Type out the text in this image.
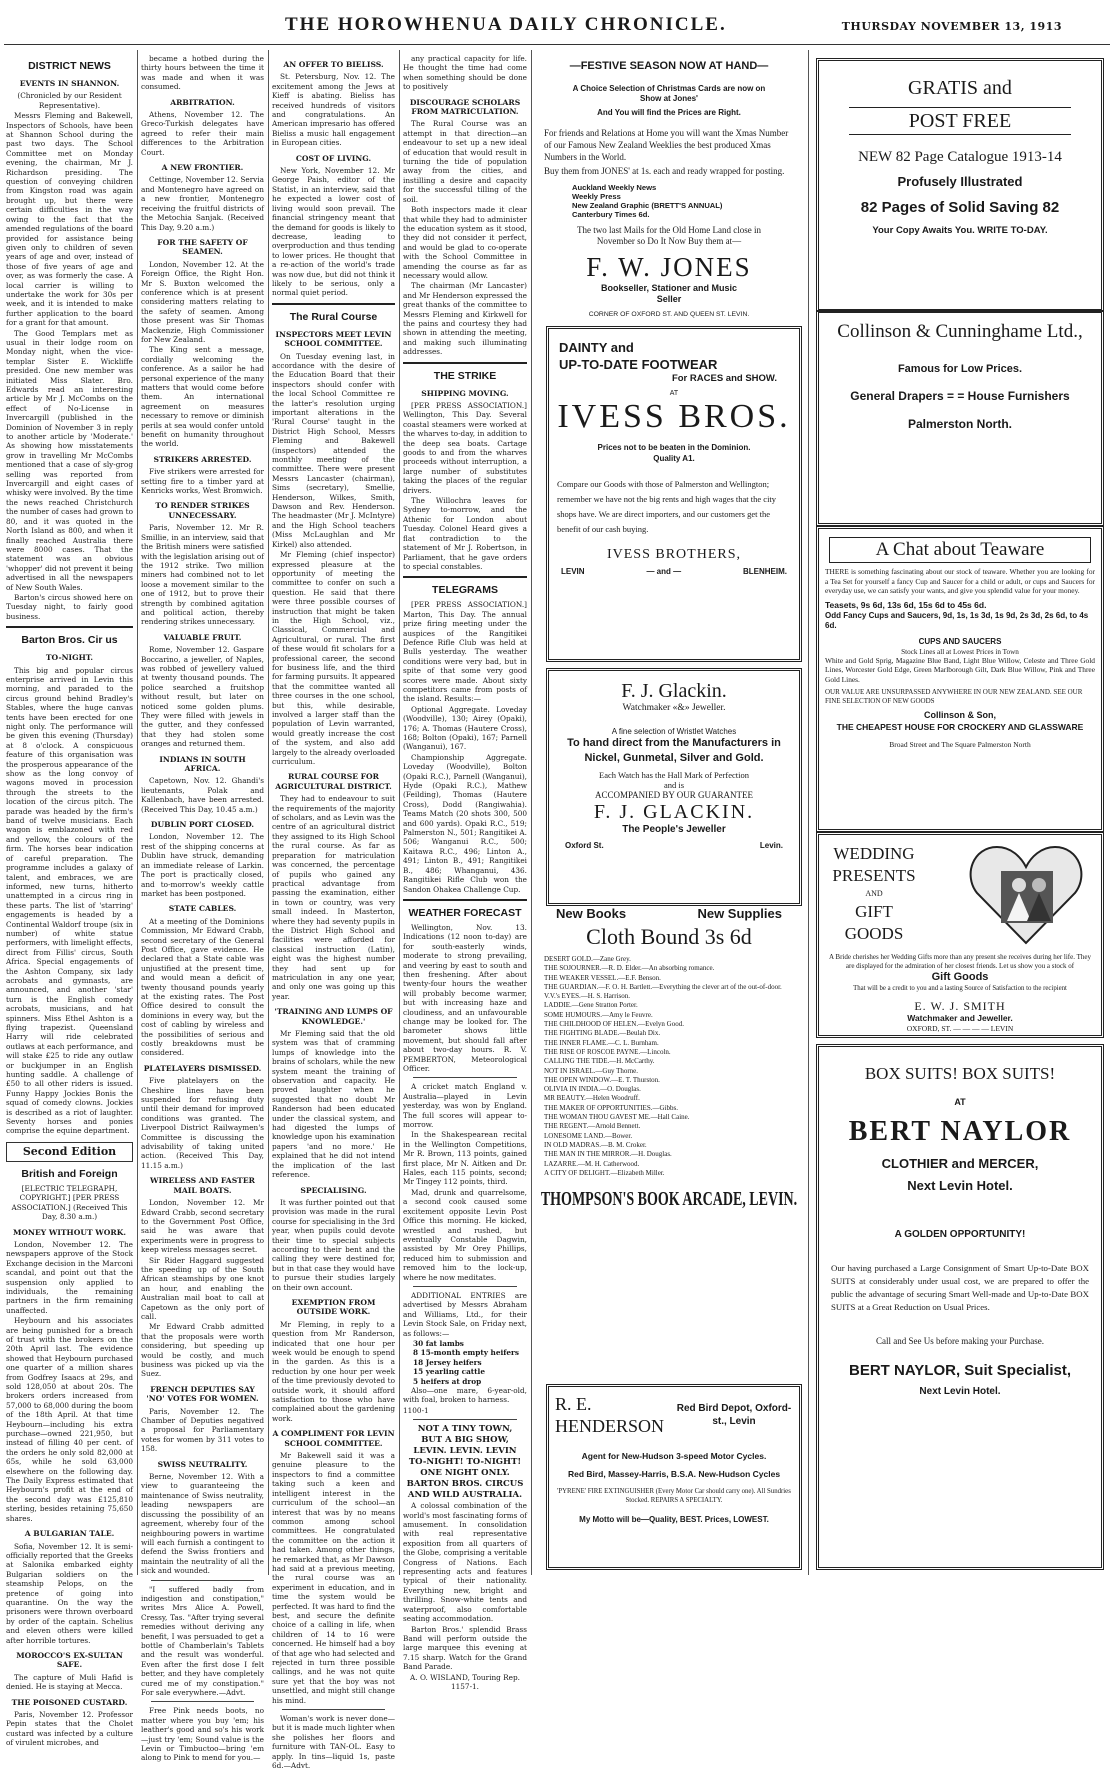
THE HOROWHENUA DAILY CHRONICLE.	THURSDAY NOVEMBER 13, 1913
DISTRICT NEWS
EVENTS IN SHANNON.

(Chronicled by our Resident Representative).

Messrs Fleming and Bakewell, Inspectors of Schools, have been at Shannon School during the past two days. The School Committee met on Monday evening, the chairman, Mr J. Richardson presiding. The question of conveying children from Kingston road was again brought up, but there were certain difficulties in the way owing to the fact that the amended regulations of the board provided for assistance being given only to children of seven years of age and over, instead of those of five years of age and over, as was formerly the case. A local carrier is willing to undertake the work for 30s per week, and it is intended to make further application to the board for a grant for that amount.

The Good Templars met as usual in their lodge room on Monday night, when the vice-templar Sister E. Wickliffe presided. One new member was initiated Miss Slater. Bro. Edwards read an interesting article by Mr J. McCombs on the effect of No-License in Invercargill (published in the Dominion of November 3 in reply to another article by 'Moderate.' As showing how misstatements grow in travelling Mr McCombs mentioned that a case of sly-grog selling was reported from Invercargill and eight cases of whisky were involved. By the time the news reached Christchurch the number of cases had grown to 80, and it was quoted in the North Island as 800, and when it finally reached Australia there were 8000 cases. That the statement was an obvious 'whopper' did not prevent it being advertised in all the newspapers of New South Wales.

Barton's circus showed here on Tuesday night, to fairly good business.

Barton Bros. Cir us
TO-NIGHT.

This big and popular circus enterprise arrived in Levin this morning, and paraded to the circus ground behind Bradley's Stables, where the huge canvas tents have been erected for one night only. The performance will be given this evening (Thursday) at 8 o'clock. A conspicuous feature of this organisation was the prosperous appearance of the show as the long convoy of wagons moved in procession through the streets to the location of the circus pitch. The parade was headed by the firm's band of twelve musicians. Each wagon is emblazoned with red and yellow, the colours of the firm. The horses bear indication of careful preparation. The programme includes a galaxy of talent, and embraces, we are informed, new turns, hitherto unattempted in a circus ring in these parts. The list of 'starring' engagements is headed by a Continental Waldorf troupe (six in number) of white statue performers, with limelight effects, direct from Fillis' circus, South Africa. Special engagements of the Ashton Company, six lady acrobats and gymnasts, are announced, and another 'star' turn is the English comedy acrobats, musicians, and hat spinners. Miss Ethel Ashton is a flying trapezist. Queensland Harry will ride celebrated outlaws at each performance, and will stake £25 to ride any outlaw or buckjumper in an English hunting saddle. A challenge of £50 to all other riders is issued. Funny Happy Jockies Bonis the squad of comedy clowns. Jockies is described as a riot of laughter. Seventy horses and ponies comprise the equine department.

Second Edition
British and Foreign

[ELECTRIC TELEGRAPH, COPYRIGHT.] [PER PRESS ASSOCIATION.] (Received This Day, 8.30 a.m.)

MONEY WITHOUT WORK.

London, November 12. The newspapers approve of the Stock Exchange decision in the Marconi scandal, and point out that the suspension only applied to individuals, the remaining partners in the firm remaining unaffected.

Heybourn and his associates are being punished for a breach of trust with the brokers on the 20th April last. The evidence showed that Heybourn purchased one quarter of a million shares from Godfrey Isaacs at 29s, and sold 128,050 at about 20s. The brokers orders increased from 57,000 to 68,000 during the boom of the 18th April. At that time Heybourn—including his extra purchase—owned 221,950, but instead of filling 40 per cent. of the orders he only sold 82,000 at 65s, while he sold 63,000 elsewhere on the following day. The Daily Express estimated that Heybourn's profit at the end of the second day was £125,810 sterling, besides retaining 75,650 shares.

A BULGARIAN TALE.

Sofia, November 12. It is semi-officially reported that the Greeks at Salonika embarked eighty Bulgarian soldiers on the steamship Pelops, on the pretence of going into quarantine. On the way the prisoners were thrown overboard by order of the captain. Schelius and eleven others were killed after horrible tortures.

MOROCCO'S EX-SULTAN SAFE.

The capture of Muli Hafid is denied. He is staying at Mecca.

THE POISONED CUSTARD.

Paris, November 12. Professor Pepin states that the Cholet custard was infected by a culture of virulent microbes, and

became a hotbed during the thirty hours between the time it was made and when it was consumed.

ARBITRATION.

Athens, November 12. The Greco-Turkish delegates have agreed to refer their main differences to the Arbitration Court.

A NEW FRONTIER.

Cettinge, November 12. Servia and Montenegro have agreed on a new frontier, Montenegro receiving the fruitful districts of the Metochia Sanjak. (Received This Day, 9.20 a.m.)

FOR THE SAFETY OF SEAMEN.

London, November 12. At the Foreign Office, the Right Hon. Mr S. Buxton welcomed the conference which is at present considering matters relating to the safety of seamen. Among those present was Sir Thomas Mackenzie, High Commissioner for New Zealand.

The King sent a message, cordially welcoming the conference. As a sailor he had personal experience of the many matters that would come before them. An international agreement on measures necessary to remove or diminish perils at sea would confer untold benefit on humanity throughout the world.

STRIKERS ARRESTED.

Five strikers were arrested for setting fire to a timber yard at Kenricks works, West Bromwich.

TO RENDER STRIKES UNNECESSARY.

Paris, November 12. Mr R. Smillie, in an interview, said that the British miners were satisfied with the legislation arising out of the 1912 strike. Two million miners had combined not to let loose a movement similar to the one of 1912, but to prove their strength by combined agitation and political action, thereby rendering strikes unnecessary.

VALUABLE FRUIT.

Rome, November 12. Gaspare Boccarino, a jeweller, of Naples, was robbed of jewellery valued at twenty thousand pounds. The police searched a fruitshop without result, but later on noticed some golden plums. They were filled with jewels in the gutter, and they confessed that they had stolen some oranges and returned them.

INDIANS IN SOUTH AFRICA.

Capetown, Nov. 12. Ghandi's lieutenants, Polak and Kallenbach, have been arrested. (Received This Day, 10.45 a.m.)

DUBLIN PORT CLOSED.

London, November 12. The rest of the shipping concerns at Dublin have struck, demanding an immediate release of Larkin. The port is practically closed, and to-morrow's weekly cattle market has been postponed.

STATE CABLES.

At a meeting of the Dominions Commission, Mr Edward Crabb, second secretary of the General Post Office, gave evidence. He declared that a State cable was unjustified at the present time, and would mean a deficit of twenty thousand pounds yearly at the existing rates. The Post Office desired to consult the dominions in every way, but the cost of cabling by wireless and the possibilities of serious and costly breakdowns must be considered.

PLATELAYERS DISMISSED.

Five platelayers on the Cheshire lines have been suspended for refusing duty until their demand for improved conditions was granted. The Liverpool District Railwaymen's Committee is discussing the advisability of taking united action. (Received This Day, 11.15 a.m.)

WIRELESS AND FASTER MAIL BOATS.

London, November 12. Mr Edward Crabb, second secretary to the Government Post Office, said he was aware that experiments were in progress to keep wireless messages secret.

Sir Rider Haggard suggested the speeding up of the South African steamships by one knot an hour, and enabling the Australian mail boat to call at Capetown as the only port of call.

Mr Edward Crabb admitted that the proposals were worth considering, but speeding up would be costly, and much business was picked up via the Suez.

FRENCH DEPUTIES SAY 'NO' VOTES FOR WOMEN.

Paris, November 12. The Chamber of Deputies negatived a proposal for Parliamentary votes for women by 311 votes to 158.

SWISS NEUTRALITY.

Berne, November 12. With a view to guaranteeing the maintenance of Swiss neutrality, leading newspapers are discussing the possibility of an agreement, whereby four of the neighbouring powers in wartime will each furnish a contingent to defend the Swiss frontiers and maintain the neutrality of all the sick and wounded.

"I suffered badly from indigestion and constipation," writes Mrs Alice A. Powell, Cressy, Tas. "After trying several remedies without deriving any benefit, I was persuaded to get a bottle of Chamberlain's Tablets and the result was wonderful. Even after the first dose I felt better, and they have completely cured me of my constipation." For sale everywhere.—Advt.

Free Pink needs boots, no matter where you buy 'em; his leather's good and so's his work—just try 'em; Sound value is the Levin or Timbuctoo—bring 'em along to Pink to mend for you.—

AN OFFER TO BIELISS.

St. Petersburg, Nov. 12. The excitement among the Jews at Kieff is abating. Bieliss has received hundreds of visitors and congratulations. An American impresario has offered Bieliss a music hall engagement in European cities.

COST OF LIVING.

New York, November 12. Mr George Paish, editor of the Statist, in an interview, said that he expected a lower cost of living would soon prevail. The financial stringency meant that the demand for goods is likely to decrease, leading to overproduction and thus tending to lower prices. He thought that a re-action of the world's trade was now due, but did not think it likely to be serious, only a normal quiet period.

The Rural Course
INSPECTORS MEET LEVIN SCHOOL COMMITTEE.

On Tuesday evening last, in accordance with the desire of the Education Board that their inspectors should confer with the local School Committee re the latter's resolution urging important alterations in the 'Rural Course' taught in the District High School, Messrs Fleming and Bakewell (inspectors) attended the monthly meeting of the committee. There were present Messrs Lancaster (chairman), Sims (secretary), Smellie, Henderson, Wilkes, Smith, Dawson and Rev. Henderson. The headmaster (Mr J. McIntyre) and the High School teachers (Miss McLaughlan and Mr Kirkel) also attended.

Mr Fleming (chief inspector) expressed pleasure at the opportunity of meeting the committee to confer on such a question. He said that there were three possible courses of instruction that might be taken in the High School, viz., Classical, Commercial and Agricultural, or rural. The first of these would fit scholars for a professional career, the second for business life, and the third for farming pursuits. It appeared that the committee wanted all three courses in the one school, but this, while desirable, involved a larger staff than the population of Levin warranted, would greatly increase the cost of the system, and also add largely to the already overloaded curriculum.

RURAL COURSE FOR AGRICULTURAL DISTRICT.

They had to endeavour to suit the requirements of the majority of scholars, and as Levin was the centre of an agricultural district they assigned to its High School the rural course. As far as preparation for matriculation was concerned, the percentage of pupils who gained any practical advantage from passing the examination, either in town or country, was very small indeed. In Masterton, where they had seventy pupils in the District High School and facilities were afforded for classical instruction (Latin), eight was the highest number they had sent up for matriculation in any one year, and only one was going up this year.

'TRAINING AND LUMPS OF KNOWLEDGE.'

Mr Fleming said that the old system was that of cramming lumps of knowledge into the brains of scholars, while the new system meant the training of observation and capacity. He proved laughter when he suggested that no doubt Mr Randerson had been educated under the classical system, and had digested the lumps of knowledge upon his examination papers 'and no more.' He explained that he did not intend the implication of the last reference.

SPECIALISING.

It was further pointed out that provision was made in the rural course for specialising in the 3rd year, when pupils could devote their time to special subjects according to their bent and the calling they were destined for, but in that case they would have to pursue their studies largely on their own account.

EXEMPTION FROM OUTSIDE WORK.

Mr Fleming, in reply to a question from Mr Randerson, indicated that one hour per week would be enough to spend in the garden. As this is a reduction by one hour per week of the time previously devoted to outside work, it should afford satisfaction to those who have complained about the gardening work.

A COMPLIMENT FOR LEVIN SCHOOL COMMITTEE.

Mr Bakewell said it was a genuine pleasure to the inspectors to find a committee taking such a keen and intelligent interest in the curriculum of the school—an interest that was by no means common among school committees. He congratulated the committee on the action it had taken. Among other things, he remarked that, as Mr Dawson had said at a previous meeting, the rural course was an experiment in education, and in time the system would be perfected. It was hard to find the best, and secure the definite choice of a calling in life, when children of 14 to 16 were concerned. He himself had a boy of that age who had selected and rejected in turn three possible callings, and he was not quite sure yet that the boy was not unsettled, and might still change his mind.

Woman's work is never done—but it is made much lighter when she polishes her floors and furniture with TAN-OL. Easy to apply. In tins—liquid 1s, paste 6d.—Advt.

any practical capacity for life. He thought the time had come when something should be done to positively

DISCOURAGE SCHOLARS FROM MATRICULATION.

The Rural Course was an attempt in that direction—an endeavour to set up a new ideal of education that would result in turning the tide of population away from the cities, and instilling a desire and capacity for the successful tilling of the soil.

Both inspectors made it clear that while they had to administer the education system as it stood, they did not consider it perfect, and would be glad to co-operate with the School Committee in amending the course as far as necessary would allow.

The chairman (Mr Lancaster) and Mr Henderson expressed the great thanks of the committee to Messrs Fleming and Kirkwell for the pains and courtesy they had shown in attending the meeting, and making such illuminating addresses.

THE STRIKE
SHIPPING MOVING.

[PER PRESS ASSOCIATION.] Wellington, This Day. Several coastal steamers were worked at the wharves to-day, in addition to the deep sea boats. Cartage goods to and from the wharves proceeds without interruption, a large number of substitutes taking the places of the regular drivers.

The Willochra leaves for Sydney to-morrow, and the Athenic for London about Tuesday. Colonel Heard gives a flat contradiction to the statement of Mr J. Robertson, in Parliament, that he gave orders to special constables.

TELEGRAMS

[PER PRESS ASSOCIATION.] Marton, This Day. The annual prize firing meeting under the auspices of the Rangitikei Defence Rifle Club was held at Bulls yesterday. The weather conditions were very bad, but in spite of that some very good scores were made. About sixty competitors came from posts of the island. Results:—

Optional Aggregate. Loveday (Woodville), 130; Airey (Opaki), 176; A. Thomas (Hautere Cross), 168; Bolton (Opaki), 167; Parnell (Wanganui), 167.

Championship Aggregate. Loveday (Woodville), Bolton (Opaki R.C.), Parnell (Wanganui), Hyde (Opaki R.C.), Mathew (Feilding), Thomas (Hautere Cross), Dodd (Rangiwahia). Teams Match (20 shots 300, 500 and 600 yards). Opaki R.C., 519; Palmerston N., 501; Rangitikei A. 506; Wanganui R.C., 500; Kaitawa R.C., 496; Linton A., 491; Linton B., 491; Rangitikei B., 486; Whanganui, 436. Rangitikei Rifle Club won the Sandon Ohakea Challenge Cup.

WEATHER FORECAST

Wellington, Nov. 13. Indications (12 noon to-day) are for south-easterly winds, moderate to strong prevailing, and veering by east to south and then freshening. After about twenty-four hours the weather will probably become warmer, but with increasing haze and cloudiness, and an unfavourable change may be looked for. The barometer shows little movement, but should fall after about two-day hours. R. V. PEMBERTON, Meteorological Officer.

A cricket match England v. Australia—played in Levin yesterday, was won by England. The full scores will appear to-morrow.

In the Shakespearean recital in the Wellington Competitions, Mr R. Brown, 113 points, gained first place, Mr N. Aitken and Dr. Hales, each 115 points, second; Mr Tingey 112 points, third.

Mad, drunk and quarrelsome, a second cook caused some excitement opposite Levin Post Office this morning. He kicked, wrestled and rushed, but eventually Constable Dagwin, assisted by Mr Orey Phillips, reduced him to submission and removed him to the lock-up, where he now meditates.

ADDITIONAL ENTRIES are advertised by Messrs Abraham and Williams, Ltd., for their Levin Stock Sale, on Friday next, as follows:—

30 fat lambs
8 15-month empty heifers
18 Jersey heifers
15 yearling cattle
5 heifers at drop

Also—one mare, 6-year-old, with foal, broken to harness.

1100-1

NOT A TINY TOWN,
BUT A BIG SHOW,
LEVIN. LEVIN. LEVIN
TO-NIGHT! TO-NIGHT!
ONE NIGHT ONLY.
BARTON BROS. CIRCUS
AND WILD AUSTRALIA.

A colossal combination of the world's most fascinating forms of amusement. In consolidation with real representative exposition from all quarters of the Globe, comprising a veritable Congress of Nations. Each representing acts and features typical of their nationality. Everything new, bright and thrilling. Snow-white tents and waterproof, also comfortable seating accommodation.

Barton Bros.' splendid Brass Band will perform outside the large marquee this evening at 7.15 sharp. Watch for the Grand Band Parade.

A. O. WISLAND, Touring Rep. 1157-1.

—FESTIVE SEASON NOW AT HAND—
A Choice Selection of Christmas Cards are now on Show at Jones'
And You will find the Prices are Right.
For friends and Relations at Home you will want the Xmas Number of our Famous New Zealand Weeklies the best produced Xmas Numbers in the World.
Buy them from JONES' at 1s. each and ready wrapped for posting.
Auckland Weekly News
Weekly Press
New Zealand Graphic (BRETT'S ANNUAL)
Canterbury Times 6d.
The two last Mails for the Old Home Land close in November so Do It Now Buy them at—
F. W. JONES
Bookseller, Stationer and Music Seller
CORNER OF OXFORD ST. AND QUEEN ST. LEVIN.
DAINTY and
UP-TO-DATE FOOTWEAR
For RACES and SHOW.
AT
IVESS BROS.
Prices not to be beaten in the Dominion.
Quality A1.
Compare our Goods with those of Palmerston and Wellington; remember we have not the big rents and high wages that the city shops have. We are direct importers, and our customers get the benefit of our cash buying.
IVESS BROTHERS,
LEVIN	— and —	BLENHEIM.
F. J. Glackin.
Watchmaker «&» Jeweller.
A fine selection of Wristlet Watches
To hand direct from the Manufacturers in
Nickel, Gunmetal, Silver and Gold.
Each Watch has the Hall Mark of Perfection
and is
ACCOMPANIED BY OUR GUARANTEE
F. J. GLACKIN.
The People's Jeweller
Oxford St.	Levin.
New Books	New Supplies
Cloth Bound 3s 6d
DESERT GOLD.—Zane Grey.
THE SOJOURNER.—R. D. Elder.—An absorbing romance.
THE WEAKER VESSEL.—E.F. Benson.
THE GUARDIAN.—F. O. H. Bartlett.—Everything the clever art of the out-of-door.
V.V.'s EYES.—H. S. Harrison.
LADDIE.—Gene Stratton Porter.
SOME HUMOURS.—Amy le Feuvre.
THE CHILDHOOD OF HELEN.—Evelyn Good.
THE FIGHTING BLADE.—Beulah Dix.
THE INNER FLAME.—C. L. Burnham.
THE RISE OF ROSCOE PAYNE.—Lincoln.
CALLING THE TIDE.—H. McCarthy.
NOT IN ISRAEL.—Guy Thorne.
THE OPEN WINDOW.—E. T. Thurston.
OLIVIA IN INDIA.—O. Douglas.
MR BEAUTY.—Helen Woodruff.
THE MAKER OF OPPORTUNITIES.—Gibbs.
THE WOMAN THOU GAVEST ME.—Hall Caine.
THE REGENT.—Arnold Bennett.
LONESOME LAND.—Bower.
IN OLD MADRAS.—B. M. Croker.
THE MAN IN THE MIRROR.—H. Douglas.
LAZARRE.—M. H. Catherwood.
A CITY OF DELIGHT.—Elizabeth Miller.
THOMPSON'S BOOK ARCADE, LEVIN.
R. E. HENDERSON
Red Bird Depot, Oxford-st., Levin
Agent for New-Hudson 3-speed Motor Cycles.
Red Bird, Massey-Harris, B.S.A. New-Hudson Cycles
'PYRENE' FIRE EXTINGUISHER (Every Motor Car should carry one). All Sundries Stocked. REPAIRS A SPECIALTY.
My Motto will be—Quality, BEST. Prices, LOWEST.
GRATIS and
POST FREE
NEW 82 Page Catalogue 1913-14
Profusely Illustrated
82 Pages of Solid Saving 82
Your Copy Awaits You. WRITE TO-DAY.
Collinson & Cunninghame Ltd.,
Famous for Low Prices.
General Drapers = = House Furnishers
Palmerston North.
A Chat about Teaware
THERE is something fascinating about our stock of teaware. Whether you are looking for a Tea Set for yourself a fancy Cup and Saucer for a child or adult, or cups and Saucers for everyday use, we can satisfy your wants, and give you splendid value for your money.
Teasets, 9s 6d, 13s 6d, 15s 6d to 45s 6d.
Odd Fancy Cups and Saucers, 9d, 1s, 1s 3d, 1s 9d, 2s 3d, 2s 6d, to 4s 6d.
CUPS AND SAUCERS
Stock Lines all at Lowest Prices in Town
White and Gold Sprig, Magazine Blue Band, Light Blue Willow, Celeste and Three Gold Lines, Worcester Gold Edge, Green Marlborough Gilt, Dark Blue Willow, Pink and Three Gold Lines.
OUR VALUE ARE UNSURPASSED ANYWHERE IN OUR NEW ZEALAND. SEE OUR FINE SELECTION OF NEW GOODS
Collinson & Son,
THE CHEAPEST HOUSE FOR CROCKERY AND GLASSWARE
Broad Street and The Square Palmerston North
WEDDING
PRESENTS
AND
GIFT
GOODS
A Bride cherishes her Wedding Gifts more than any present she receives during her life. They are displayed for the admiration of her closest friends. Let us show you a stock of
Gift Goods
That will be a credit to you and a lasting Source of Satisfaction to the recipient
E. W. J. SMITH
Watchmaker and Jeweller.
OXFORD, ST. — — — — LEVIN
BOX SUITS! BOX SUITS!
AT
BERT NAYLOR
CLOTHIER and MERCER,
Next Levin Hotel.
A GOLDEN OPPORTUNITY!
Our having purchased a Large Consignment of Smart Up-to-Date BOX SUITS at considerably under usual cost, we are prepared to offer the public the advantage of securing Smart Well-made and Up-to-Date BOX SUITS at a Great Reduction on Usual Prices.
Call and See Us before making your Purchase.
BERT NAYLOR, Suit Specialist,
Next Levin Hotel.
